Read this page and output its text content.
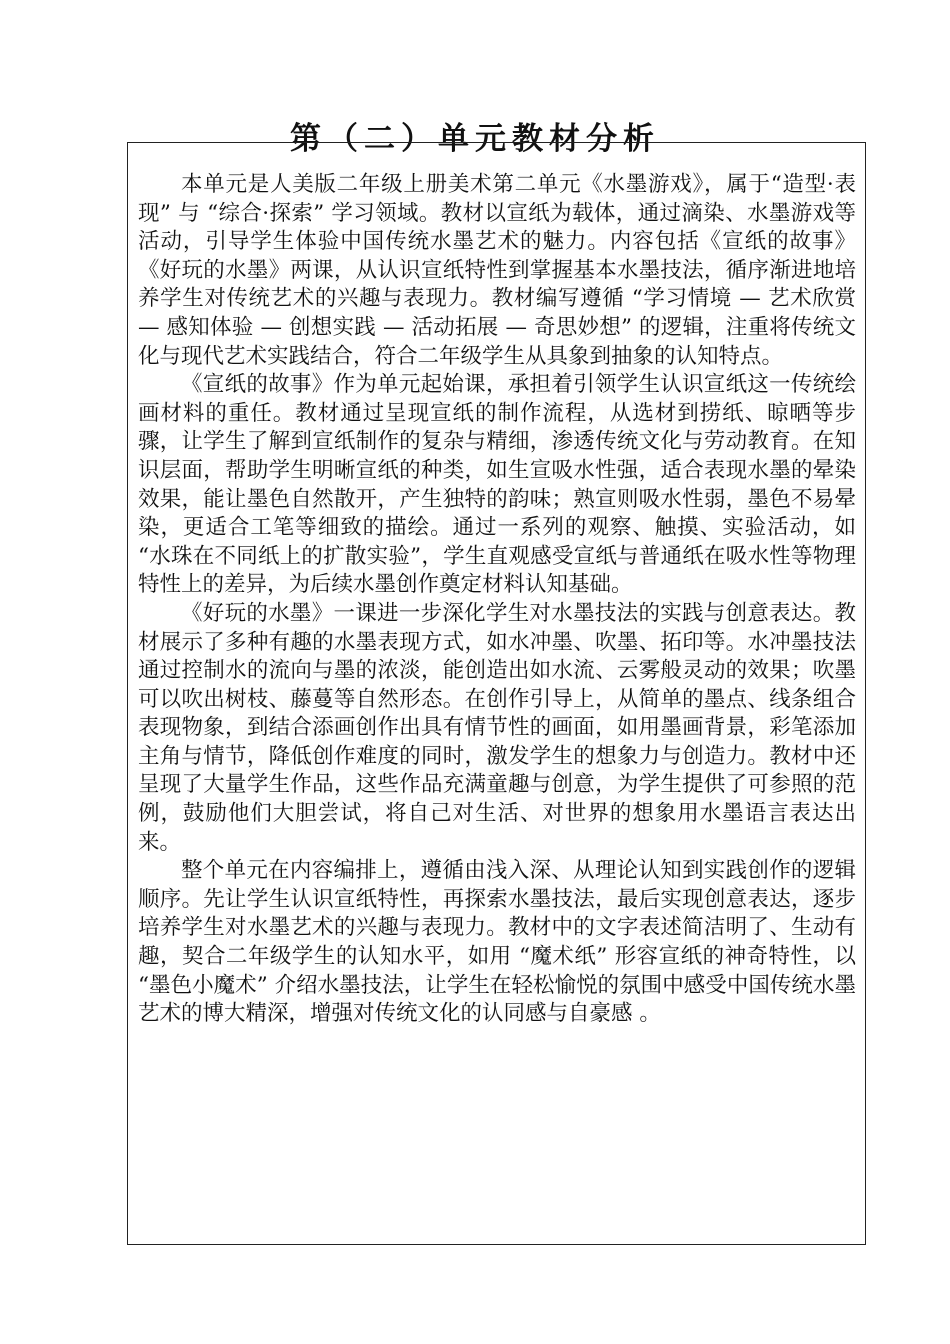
第（二）单元教材分析

本单元是人美版二年级上册美术第二单元《水墨游戏》，属于“造型·表现” 与 “综合·探索” 学习领域。教材以宣纸为载体，通过滴染、水墨游戏等活动，引导学生体验中国传统水墨艺术的魅力。内容包括《宣纸的故事》《好玩的水墨》两课，从认识宣纸特性到掌握基本水墨技法，循序渐进地培养学生对传统艺术的兴趣与表现力。教材编写遵循 “学习情境 — 艺术欣赏 — 感知体验 — 创想实践 — 活动拓展 — 奇思妙想” 的逻辑，注重将传统文化与现代艺术实践结合，符合二年级学生从具象到抽象的认知特点。

《宣纸的故事》作为单元起始课，承担着引领学生认识宣纸这一传统绘画材料的重任。教材通过呈现宣纸的制作流程，从选材到捞纸、晾晒等步骤，让学生了解到宣纸制作的复杂与精细，渗透传统文化与劳动教育。在知识层面，帮助学生明晰宣纸的种类，如生宣吸水性强，适合表现水墨的晕染效果，能让墨色自然散开，产生独特的韵味；熟宣则吸水性弱，墨色不易晕染，更适合工笔等细致的描绘。通过一系列的观察、触摸、实验活动，如 “水珠在不同纸上的扩散实验”，学生直观感受宣纸与普通纸在吸水性等物理特性上的差异，为后续水墨创作奠定材料认知基础。

《好玩的水墨》一课进一步深化学生对水墨技法的实践与创意表达。教材展示了多种有趣的水墨表现方式，如水冲墨、吹墨、拓印等。水冲墨技法通过控制水的流向与墨的浓淡，能创造出如水流、云雾般灵动的效果；吹墨可以吹出树枝、藤蔓等自然形态。在创作引导上，从简单的墨点、线条组合表现物象，到结合添画创作出具有情节性的画面，如用墨画背景，彩笔添加主角与情节，降低创作难度的同时，激发学生的想象力与创造力。教材中还呈现了大量学生作品，这些作品充满童趣与创意，为学生提供了可参照的范例，鼓励他们大胆尝试，将自己对生活、对世界的想象用水墨语言表达出来。

整个单元在内容编排上，遵循由浅入深、从理论认知到实践创作的逻辑顺序。先让学生认识宣纸特性，再探索水墨技法，最后实现创意表达，逐步培养学生对水墨艺术的兴趣与表现力。教材中的文字表述简洁明了、生动有趣，契合二年级学生的认知水平，如用 “魔术纸” 形容宣纸的神奇特性，以 “墨色小魔术” 介绍水墨技法，让学生在轻松愉悦的氛围中感受中国传统水墨艺术的博大精深，增强对传统文化的认同感与自豪感 。
